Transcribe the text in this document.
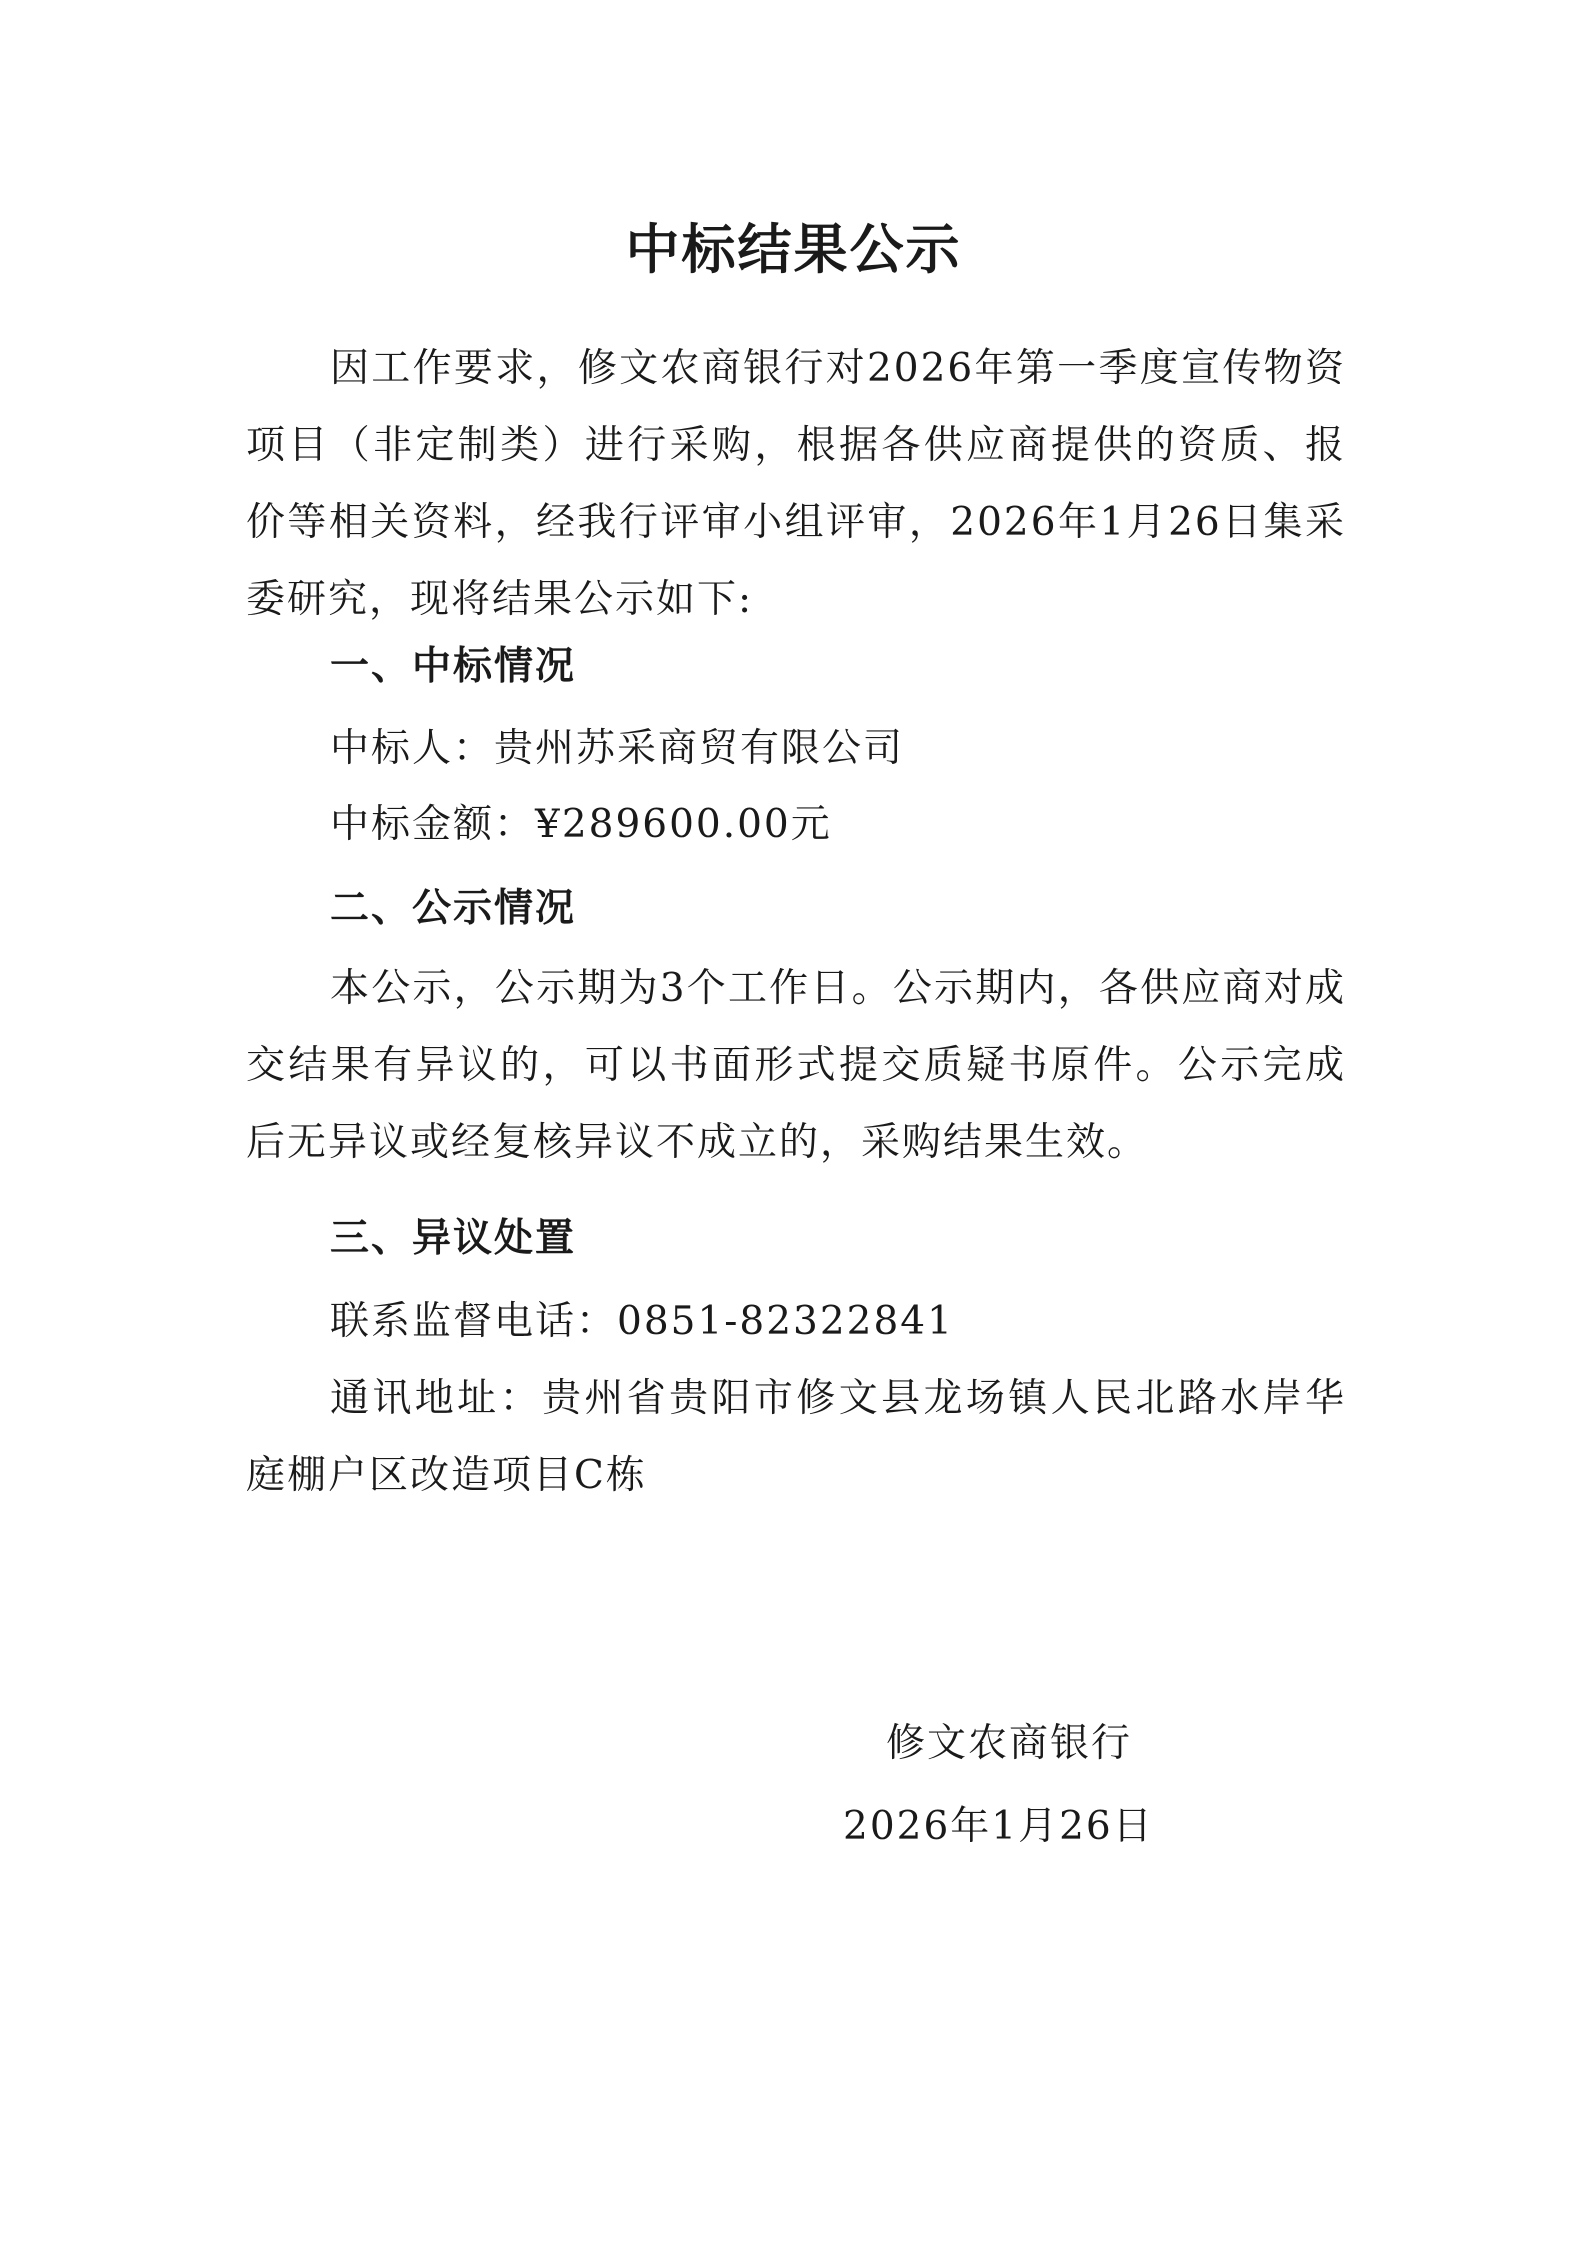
中标结果公示

因工作要求，修文农商银行对2026年第一季度宣传物资项目（非定制类）进行采购，根据各供应商提供的资质、报价等相关资料，经我行评审小组评审，2026年1月26日集采委研究，现将结果公示如下:

一、中标情况
中标人：贵州苏采商贸有限公司
中标金额：¥289600.00元
二、公示情况

本公示，公示期为3个工作日。公示期内，各供应商对成交结果有异议的，可以书面形式提交质疑书原件。公示完成后无异议或经复核异议不成立的，采购结果生效。

三、异议处置
联系监督电话：0851-82322841

通讯地址：贵州省贵阳市修文县龙场镇人民北路水岸华庭棚户区改造项目C栋

修文农商银行
2026年1月26日
